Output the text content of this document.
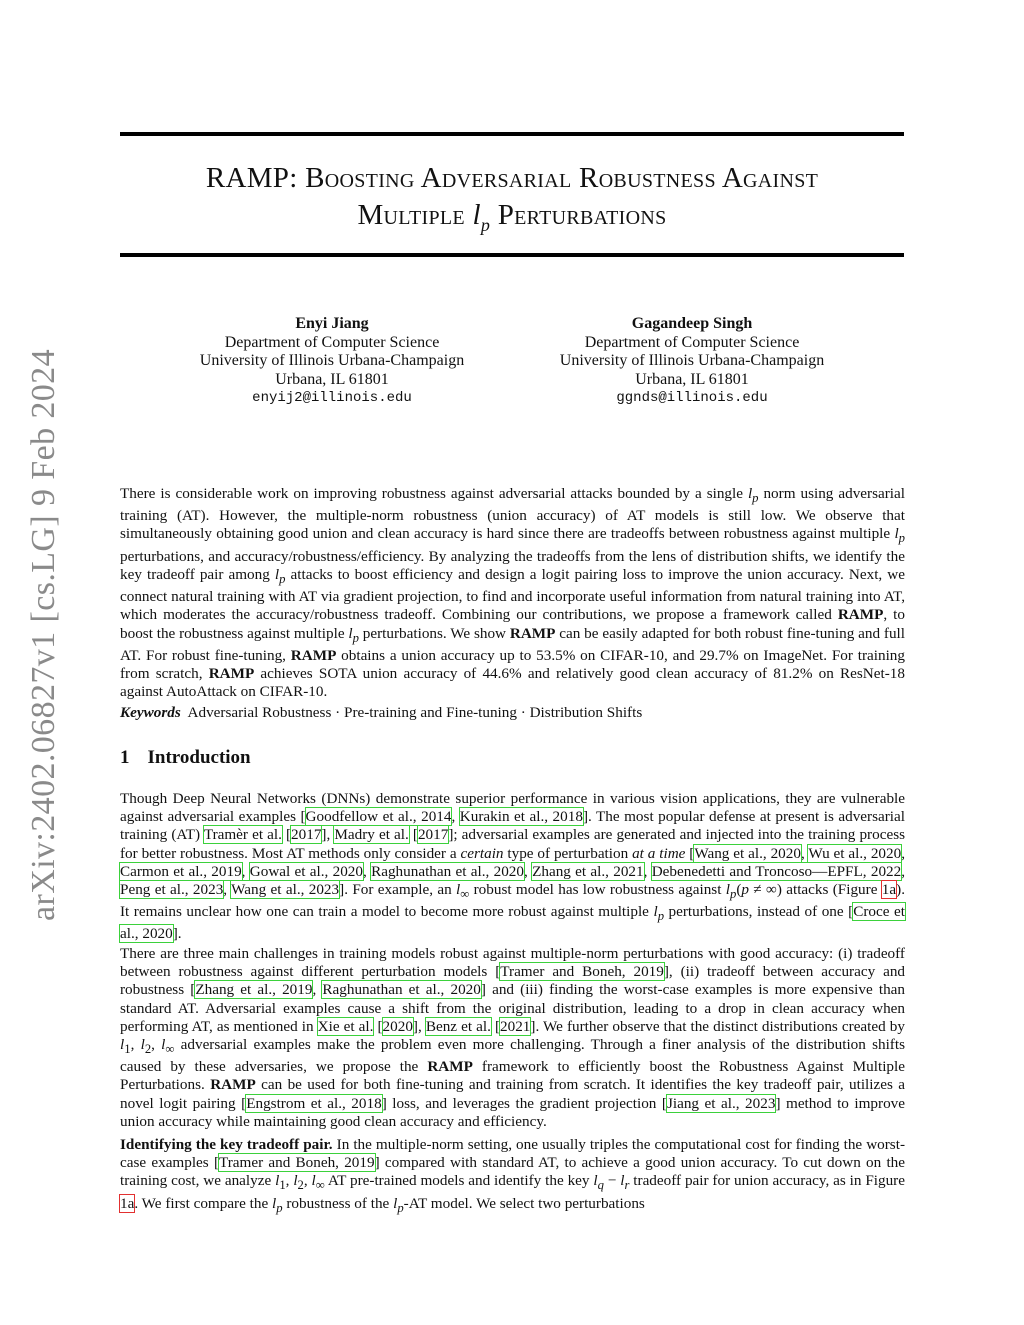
arXiv:2402.06827v1 [cs.LG] 9 Feb 2024
RAMP: Boosting Adversarial Robustness Against
Multiple $l_p$ Perturbations
Enyi Jiang
Department of Computer Science
University of Illinois Urbana-Champaign
Urbana, IL 61801
enyij2@illinois.edu
Gagandeep Singh
Department of Computer Science
University of Illinois Urbana-Champaign
Urbana, IL 61801
ggnds@illinois.edu

There is considerable work on improving robustness against adversarial attacks bounded by a single $l_p$ norm using adversarial training (AT). However, the multiple-norm robustness (union accuracy) of AT models is still low. We observe that simultaneously obtaining good union and clean accuracy is hard since there are tradeoffs between robustness against multiple $l_p$ perturbations, and accuracy/robustness/efficiency. By analyzing the tradeoffs from the lens of distribution shifts, we identify the key tradeoff pair among $l_p$ attacks to boost efficiency and design a logit pairing loss to improve the union accuracy. Next, we connect natural training with AT via gradient projection, to find and incorporate useful information from natural training into AT, which moderates the accuracy/robustness tradeoff. Combining our contributions, we propose a framework called RAMP, to boost the robustness against multiple $l_p$ perturbations. We show RAMP can be easily adapted for both robust fine-tuning and full AT. For robust fine-tuning, RAMP obtains a union accuracy up to 53.5% on CIFAR-10, and 29.7% on ImageNet. For training from scratch, RAMP achieves SOTA union accuracy of 44.6% and relatively good clean accuracy of 81.2% on ResNet-18 against AutoAttack on CIFAR-10.

Keywords Adversarial Robustness · Pre-training and Fine-tuning · Distribution Shifts
1 Introduction

Though Deep Neural Networks (DNNs) demonstrate superior performance in various vision applications, they are vulnerable against adversarial examples [Goodfellow et al., 2014, Kurakin et al., 2018]. The most popular defense at present is adversarial training (AT) Tramèr et al. [2017], Madry et al. [2017]; adversarial examples are generated and injected into the training process for better robustness. Most AT methods only consider a certain type of perturbation at a time [Wang et al., 2020, Wu et al., 2020, Carmon et al., 2019, Gowal et al., 2020, Raghunathan et al., 2020, Zhang et al., 2021, Debenedetti and Troncoso—EPFL, 2022, Peng et al., 2023, Wang et al., 2023]. For example, an $l_\infty$ robust model has low robustness against $l_p(p$ ≠ ∞) attacks (Figure 1a). It remains unclear how one can train a model to become more robust against multiple $l_p$ perturbations, instead of one [Croce et al., 2020].

There are three main challenges in training models robust against multiple-norm perturbations with good accuracy: (i) tradeoff between robustness against different perturbation models [Tramer and Boneh, 2019], (ii) tradeoff between accuracy and robustness [Zhang et al., 2019, Raghunathan et al., 2020] and (iii) finding the worst-case examples is more expensive than standard AT. Adversarial examples cause a shift from the original distribution, leading to a drop in clean accuracy when performing AT, as mentioned in Xie et al. [2020], Benz et al. [2021]. We further observe that the distinct distributions created by $l_1$, $l_2$, $l_\infty$ adversarial examples make the problem even more challenging. Through a finer analysis of the distribution shifts caused by these adversaries, we propose the RAMP framework to efficiently boost the Robustness Against Multiple Perturbations. RAMP can be used for both fine-tuning and training from scratch. It identifies the key tradeoff pair, utilizes a novel logit pairing [Engstrom et al., 2018] loss, and leverages the gradient projection [Jiang et al., 2023] method to improve union accuracy while maintaining good clean accuracy and efficiency.

Identifying the key tradeoff pair. In the multiple-norm setting, one usually triples the computational cost for finding the worst-case examples [Tramer and Boneh, 2019] compared with standard AT, to achieve a good union accuracy. To cut down on the training cost, we analyze $l_1$, $l_2$, $l_\infty$ AT pre-trained models and identify the key $l_q - l_r$ tradeoff pair for union accuracy, as in Figure 1a. We first compare the $l_p$ robustness of the $l_p-AT$ model. We select two perturbations
